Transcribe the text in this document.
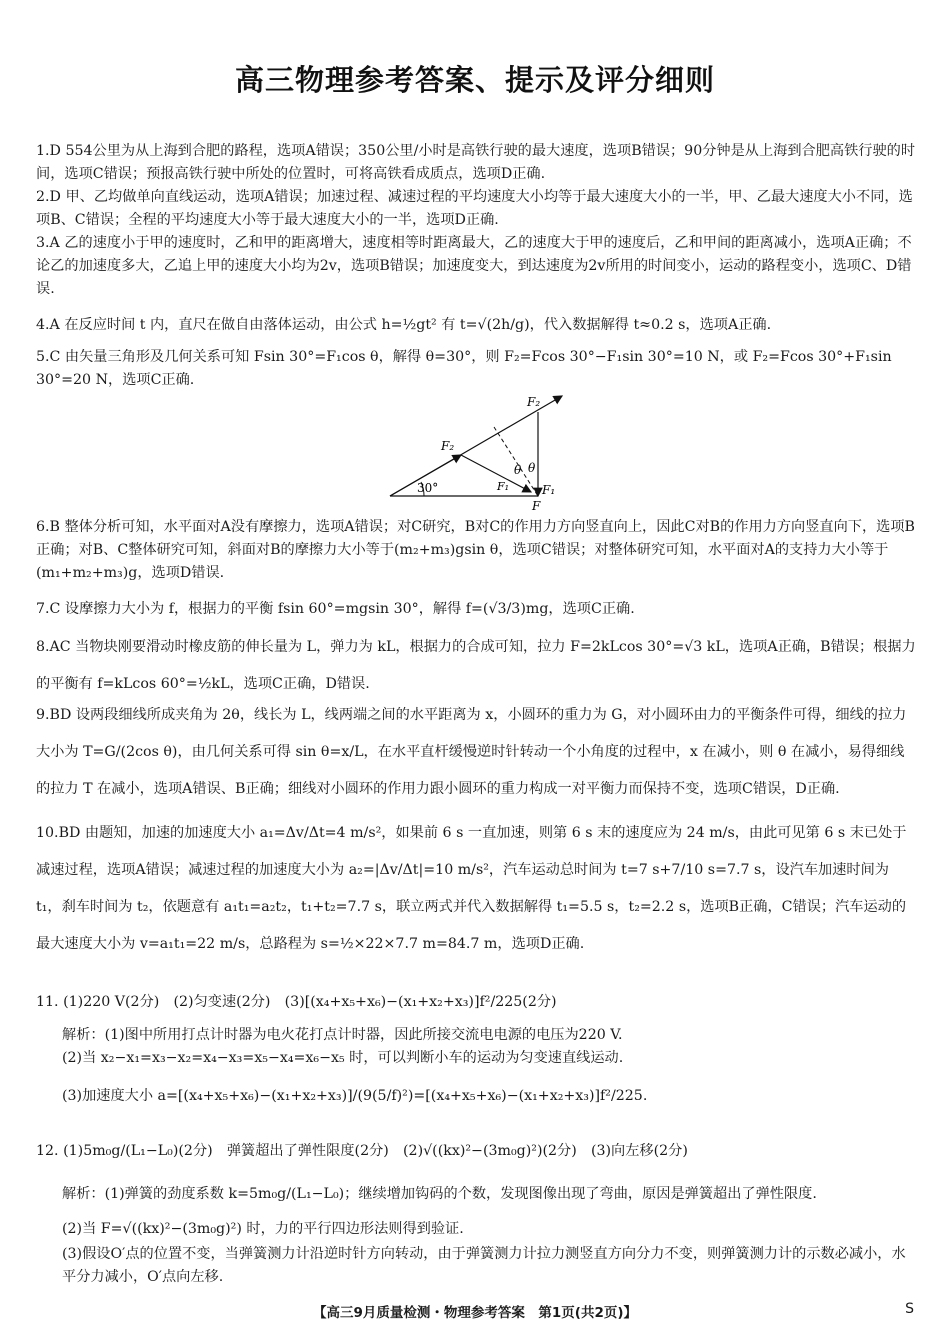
高三物理参考答案、提示及评分细则
1.D 554公里为从上海到合肥的路程，选项A错误；350公里/小时是高铁行驶的最大速度，选项B错误；90分钟是从上海到合肥高铁行驶的时间，选项C错误；预报高铁行驶中所处的位置时，可将高铁看成质点，选项D正确.
2.D 甲、乙均做单向直线运动，选项A错误；加速过程、减速过程的平均速度大小均等于最大速度大小的一半，甲、乙最大速度大小不同，选项B、C错误；全程的平均速度大小等于最大速度大小的一半，选项D正确.
3.A 乙的速度小于甲的速度时，乙和甲的距离增大，速度相等时距离最大，乙的速度大于甲的速度后，乙和甲间的距离减小，选项A正确；不论乙的加速度多大，乙追上甲的速度大小均为2v，选项B错误；加速度变大，到达速度为2v所用的时间变小，运动的路程变小，选项C、D错误.
4.A 在反应时间 t 内，直尺在做自由落体运动，由公式 h=½gt² 有 t=√(2h/g)，代入数据解得 t≈0.2 s，选项A正确.
5.C 由矢量三角形及几何关系可知 Fsin 30°=F₁cos θ，解得 θ=30°，则 F₂=Fcos 30°−F₁sin 30°=10 N，或 F₂=Fcos 30°+F₁sin 30°=20 N，选项C正确.
30°
F₂
F₂
θ θ
F₁	F₁
F
6.B 整体分析可知，水平面对A没有摩擦力，选项A错误；对C研究，B对C的作用力方向竖直向上，因此C对B的作用力方向竖直向下，选项B正确；对B、C整体研究可知，斜面对B的摩擦力大小等于(m₂+m₃)gsin θ，选项C错误；对整体研究可知，水平面对A的支持力大小等于(m₁+m₂+m₃)g，选项D错误.
7.C 设摩擦力大小为 f，根据力的平衡 fsin 60°=mgsin 30°，解得 f=(√3/3)mg，选项C正确.
8.AC 当物块刚要滑动时橡皮筋的伸长量为 L，弹力为 kL，根据力的合成可知，拉力 F=2kLcos 30°=√3 kL，选项A正确，B错误；根据力的平衡有 f=kLcos 60°=½kL，选项C正确，D错误.
9.BD 设两段细线所成夹角为 2θ，线长为 L，线两端之间的水平距离为 x，小圆环的重力为 G，对小圆环由力的平衡条件可得，细线的拉力大小为 T=G/(2cos θ)，由几何关系可得 sin θ=x/L，在水平直杆缓慢逆时针转动一个小角度的过程中，x 在减小，则 θ 在减小，易得细线的拉力 T 在减小，选项A错误、B正确；细线对小圆环的作用力跟小圆环的重力构成一对平衡力而保持不变，选项C错误，D正确.
10.BD 由题知，加速的加速度大小 a₁=Δv/Δt=4 m/s²，如果前 6 s 一直加速，则第 6 s 末的速度应为 24 m/s，由此可见第 6 s 末已处于减速过程，选项A错误；减速过程的加速度大小为 a₂=|Δv/Δt|=10 m/s²，汽车运动总时间为 t=7 s+7/10 s=7.7 s，设汽车加速时间为 t₁，刹车时间为 t₂，依题意有 a₁t₁=a₂t₂，t₁+t₂=7.7 s，联立两式并代入数据解得 t₁=5.5 s，t₂=2.2 s，选项B正确，C错误；汽车运动的最大速度大小为 v=a₁t₁=22 m/s，总路程为 s=½×22×7.7 m=84.7 m，选项D正确.
11. (1)220 V(2分)　(2)匀变速(2分)　(3)[(x₄+x₅+x₆)−(x₁+x₂+x₃)]f²/225(2分)
解析：(1)图中所用打点计时器为电火花打点计时器，因此所接交流电电源的电压为220 V.
(2)当 x₂−x₁=x₃−x₂=x₄−x₃=x₅−x₄=x₆−x₅ 时，可以判断小车的运动为匀变速直线运动.
(3)加速度大小 a=[(x₄+x₅+x₆)−(x₁+x₂+x₃)]/(9(5/f)²)=[(x₄+x₅+x₆)−(x₁+x₂+x₃)]f²/225.
12. (1)5m₀g/(L₁−L₀)(2分)　弹簧超出了弹性限度(2分)　(2)√((kx)²−(3m₀g)²)(2分)　(3)向左移(2分)
解析：(1)弹簧的劲度系数 k=5m₀g/(L₁−L₀)；继续增加钩码的个数，发现图像出现了弯曲，原因是弹簧超出了弹性限度.
(2)当 F=√((kx)²−(3m₀g)²) 时，力的平行四边形法则得到验证.
(3)假设O′点的位置不变，当弹簧测力计沿逆时针方向转动，由于弹簧测力计拉力测竖直方向分力不变，则弹簧测力计的示数必减小，水平分力减小，O′点向左移.
【高三9月质量检测・物理参考答案　第1页(共2页)】	S
